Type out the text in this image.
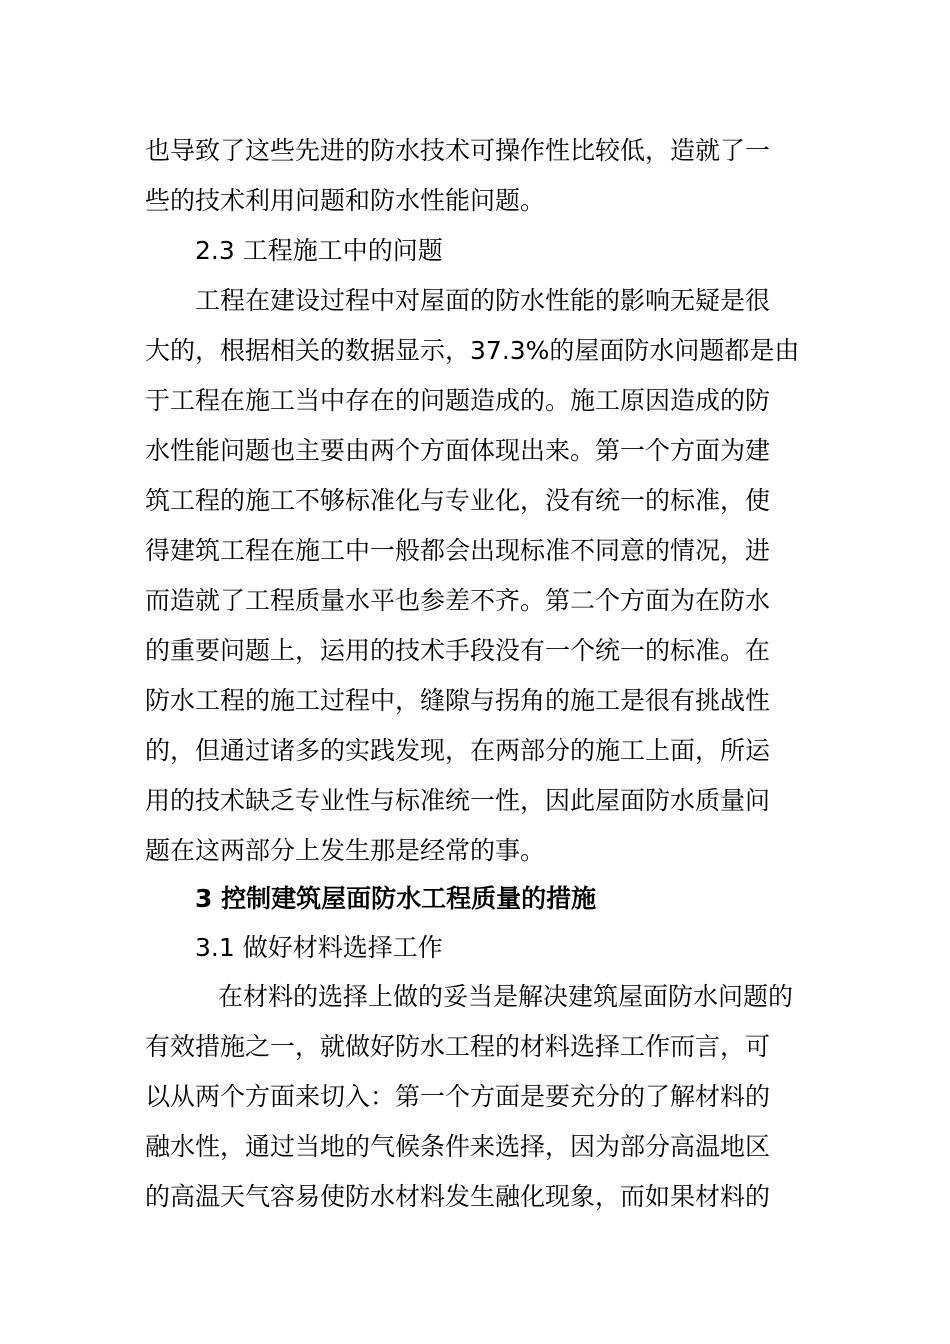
也导致了这些先进的防水技术可操作性比较低，造就了一
些的技术利用问题和防水性能问题。
2.3 工程施工中的问题
工程在建设过程中对屋面的防水性能的影响无疑是很
大的，根据相关的数据显示，37.3%的屋面防水问题都是由
于工程在施工当中存在的问题造成的。施工原因造成的防
水性能问题也主要由两个方面体现出来。第一个方面为建
筑工程的施工不够标准化与专业化，没有统一的标准，使
得建筑工程在施工中一般都会出现标准不同意的情况，进
而造就了工程质量水平也参差不齐。第二个方面为在防水
的重要问题上，运用的技术手段没有一个统一的标准。在
防水工程的施工过程中，缝隙与拐角的施工是很有挑战性
的，但通过诸多的实践发现，在两部分的施工上面，所运
用的技术缺乏专业性与标准统一性，因此屋面防水质量问
题在这两部分上发生那是经常的事。
3 控制建筑屋面防水工程质量的措施
3.1 做好材料选择工作
在材料的选择上做的妥当是解决建筑屋面防水问题的
有效措施之一，就做好防水工程的材料选择工作而言，可
以从两个方面来切入：第一个方面是要充分的了解材料的
融水性，通过当地的气候条件来选择，因为部分高温地区
的高温天气容易使防水材料发生融化现象，而如果材料的
